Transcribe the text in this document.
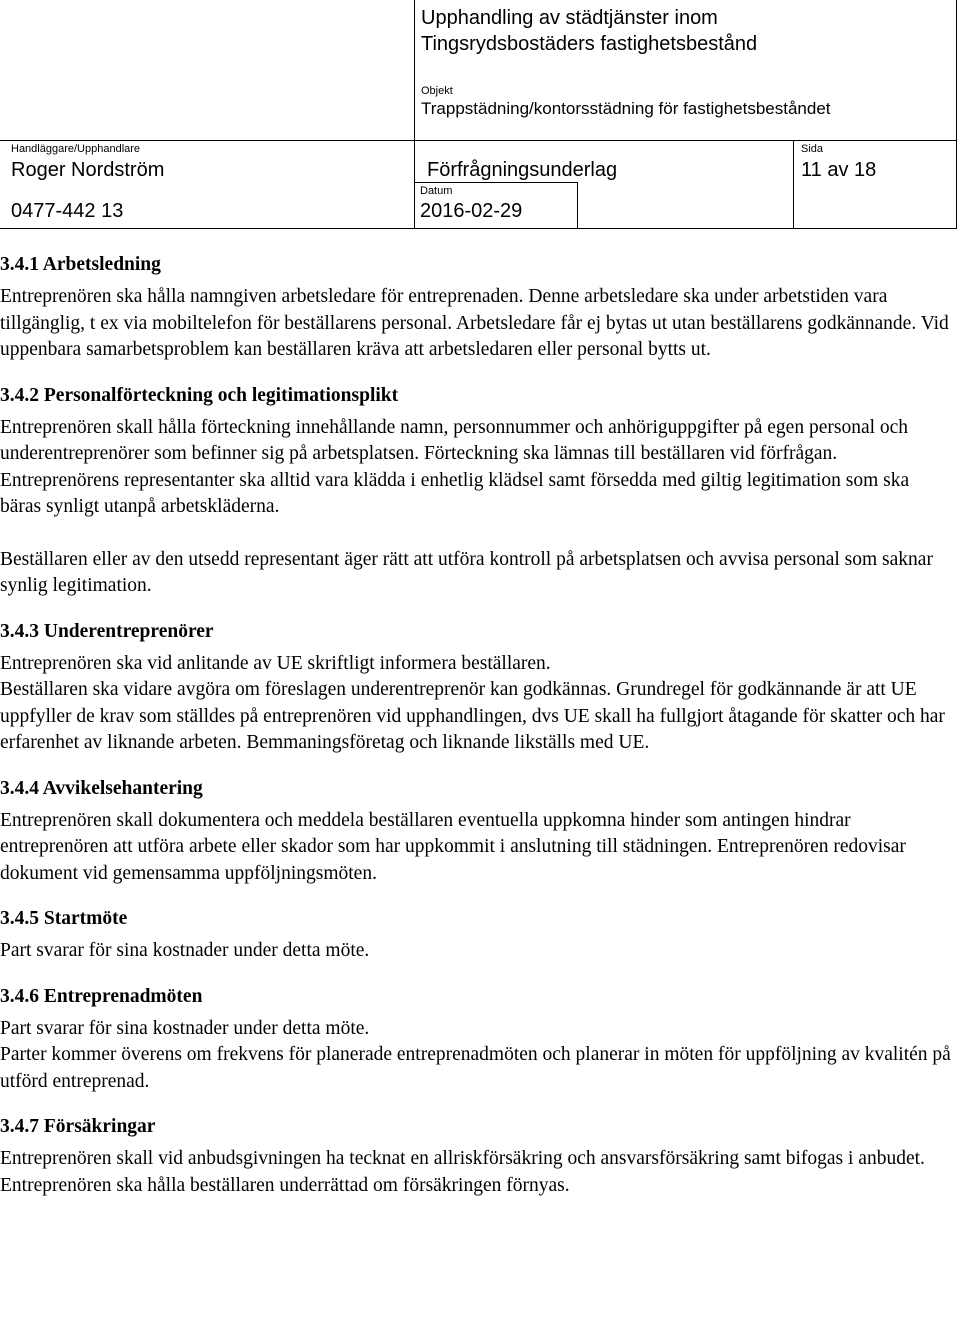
Upphandling av städtjänster inom
Tingsrydsbostäders fastighetsbestånd
Objekt
Trappstädning/kontorsstädning för fastighetsbeståndet
Handläggare/Upphandlare
Roger Nordström
0477-442 13
Förfrågningsunderlag
Datum
2016-02-29
Sida
11 av 18
3.4.1 Arbetsledning

Entreprenören ska hålla namngiven arbetsledare för entreprenaden. Denne arbetsledare ska under arbetstiden vara tillgänglig, t ex via mobiltelefon för beställarens personal. Arbetsledare får ej bytas ut utan beställarens godkännande. Vid uppenbara samarbetsproblem kan beställaren kräva att arbetsledaren eller personal bytts ut.

3.4.2 Personalförteckning och legitimationsplikt

Entreprenören skall hålla förteckning innehållande namn, personnummer och anhöriguppgifter på egen personal och underentreprenörer som befinner sig på arbetsplatsen. Förteckning ska lämnas till beställaren vid förfrågan.

Entreprenörens representanter ska alltid vara klädda i enhetlig klädsel samt försedda med giltig legitimation som ska bäras synligt utanpå arbetskläderna.

Beställaren eller av den utsedd representant äger rätt att utföra kontroll på arbetsplatsen och avvisa personal som saknar synlig legitimation.

3.4.3 Underentreprenörer

Entreprenören ska vid anlitande av UE skriftligt informera beställaren.

Beställaren ska vidare avgöra om föreslagen underentreprenör kan godkännas. Grundregel för godkännande är att UE uppfyller de krav som ställdes på entreprenören vid upphandlingen, dvs UE skall ha fullgjort åtagande för skatter och har erfarenhet av liknande arbeten. Bemmaningsföretag och liknande likställs med UE.

3.4.4 Avvikelsehantering

Entreprenören skall dokumentera och meddela beställaren eventuella uppkomna hinder som antingen hindrar entreprenören att utföra arbete eller skador som har uppkommit i anslutning till städningen. Entreprenören redovisar dokument vid gemensamma uppföljningsmöten.

3.4.5 Startmöte

Part svarar för sina kostnader under detta möte.

3.4.6 Entreprenadmöten

Part svarar för sina kostnader under detta möte.

Parter kommer överens om frekvens för planerade entreprenadmöten och planerar in möten för uppföljning av kvalitén på utförd entreprenad.

3.4.7 Försäkringar

Entreprenören skall vid anbudsgivningen ha tecknat en allriskförsäkring och ansvarsförsäkring samt bifogas i anbudet. Entreprenören ska hålla beställaren underrättad om försäkringen förnyas.
